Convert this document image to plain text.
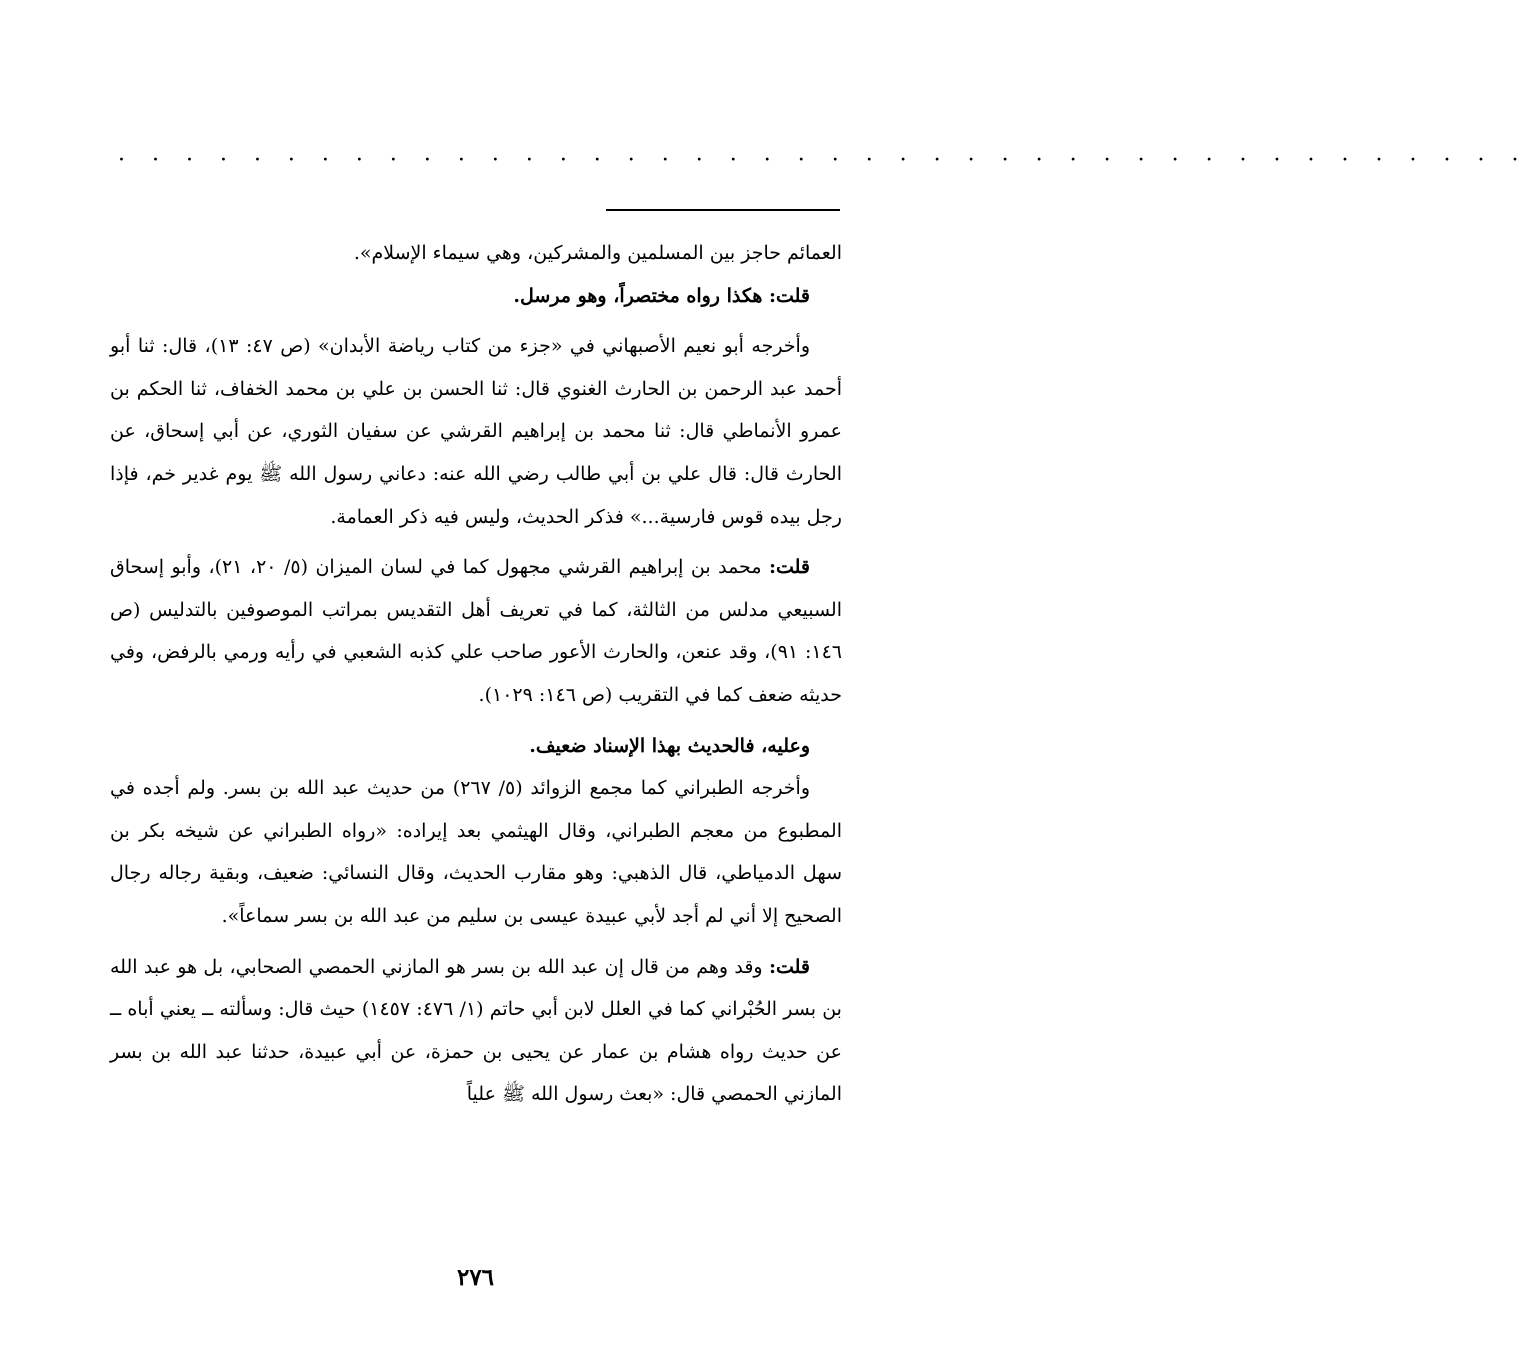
· · · · · · · · · · · · · · · · · · · · · · · · · · · · · · · · · · · · · · · · · ·

العمائم حاجز بين المسلمين والمشركين، وهي سيماء الإسلام».

قلت: هكذا رواه مختصراً، وهو مرسل.

وأخرجه أبو نعيم الأصبهاني في «جزء من كتاب رياضة الأبدان» (ص ٤٧: ١٣)، قال: ثنا أبو أحمد عبد الرحمن بن الحارث الغنوي قال: ثنا الحسن بن علي بن محمد الخفاف، ثنا الحكم بن عمرو الأنماطي قال: ثنا محمد بن إبراهيم القرشي عن سفيان الثوري، عن أبي إسحاق، عن الحارث قال: قال علي بن أبي طالب رضي الله عنه: دعاني رسول الله ﷺ يوم غدير خم، فإذا رجل بيده قوس فارسية...» فذكر الحديث، وليس فيه ذكر العمامة.

قلت: محمد بن إبراهيم القرشي مجهول كما في لسان الميزان (٥/ ٢٠، ٢١)، وأبو إسحاق السبيعي مدلس من الثالثة، كما في تعريف أهل التقديس بمراتب الموصوفين بالتدليس (ص ١٤٦: ٩١)، وقد عنعن، والحارث الأعور صاحب علي كذبه الشعبي في رأيه ورمي بالرفض، وفي حديثه ضعف كما في التقريب (ص ١٤٦: ١٠٢٩).

وعليه، فالحديث بهذا الإسناد ضعيف.

وأخرجه الطبراني كما مجمع الزوائد (٥/ ٢٦٧) من حديث عبد الله بن بسر. ولم أجده في المطبوع من معجم الطبراني، وقال الهيثمي بعد إيراده: «رواه الطبراني عن شيخه بكر بن سهل الدمياطي، قال الذهبي: وهو مقارب الحديث، وقال النسائي: ضعيف، وبقية رجاله رجال الصحيح إلا أني لم أجد لأبي عبيدة عيسى بن سليم من عبد الله بن بسر سماعاً».

قلت: وقد وهم من قال إن عبد الله بن بسر هو المازني الحمصي الصحابي، بل هو عبد الله بن بسر الحُبْراني كما في العلل لابن أبي حاتم (١/ ٤٧٦: ١٤٥٧) حيث قال: وسألته ــ يعني أباه ــ عن حديث رواه هشام بن عمار عن يحيى بن حمزة، عن أبي عبيدة، حدثنا عبد الله بن بسر المازني الحمصي قال: «بعث رسول الله ﷺ علياً

٢٧٦
